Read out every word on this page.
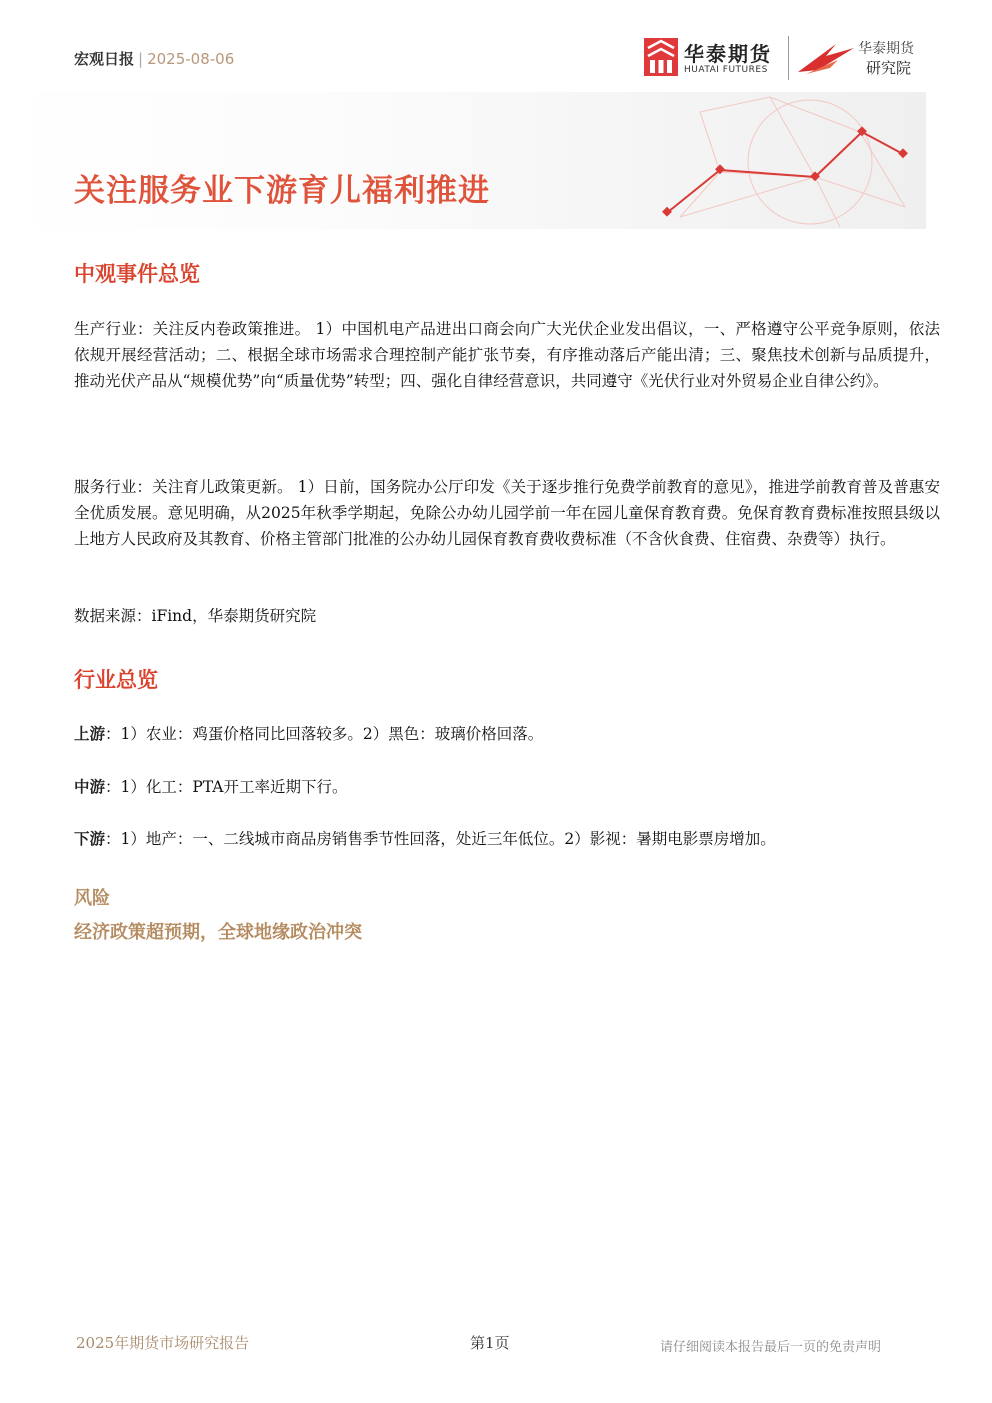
宏观日报 | 2025-08-06	华泰期货
HUATAI FUTURES
华泰期货
研究院
关注服务业下游育儿福利推进
中观事件总览
生产行业：关注反内卷政策推进。 1）中国机电产品进出口商会向广大光伏企业发出倡议，一、严格遵守公平竞争原则，依法依规开展经营活动；二、根据全球市场需求合理控制产能扩张节奏，有序推动落后产能出清；三、聚焦技术创新与品质提升，推动光伏产品从“规模优势”向“质量优势”转型；四、强化自律经营意识，共同遵守《光伏行业对外贸易企业自律公约》。
服务行业：关注育儿政策更新。 1）日前，国务院办公厅印发《关于逐步推行免费学前教育的意见》，推进学前教育普及普惠安全优质发展。意见明确，从2025年秋季学期起，免除公办幼儿园学前一年在园儿童保育教育费。免保育教育费标准按照县级以上地方人民政府及其教育、价格主管部门批准的公办幼儿园保育教育费收费标准（不含伙食费、住宿费、杂费等）执行。
数据来源：iFind，华泰期货研究院
行业总览
上游：1）农业：鸡蛋价格同比回落较多。2）黑色：玻璃价格回落。
中游：1）化工：PTA开工率近期下行。
下游：1）地产：一、二线城市商品房销售季节性回落，处近三年低位。2）影视：暑期电影票房增加。
风险
经济政策超预期，全球地缘政治冲突
2025年期货市场研究报告	第1页	请仔细阅读本报告最后一页的免责声明
